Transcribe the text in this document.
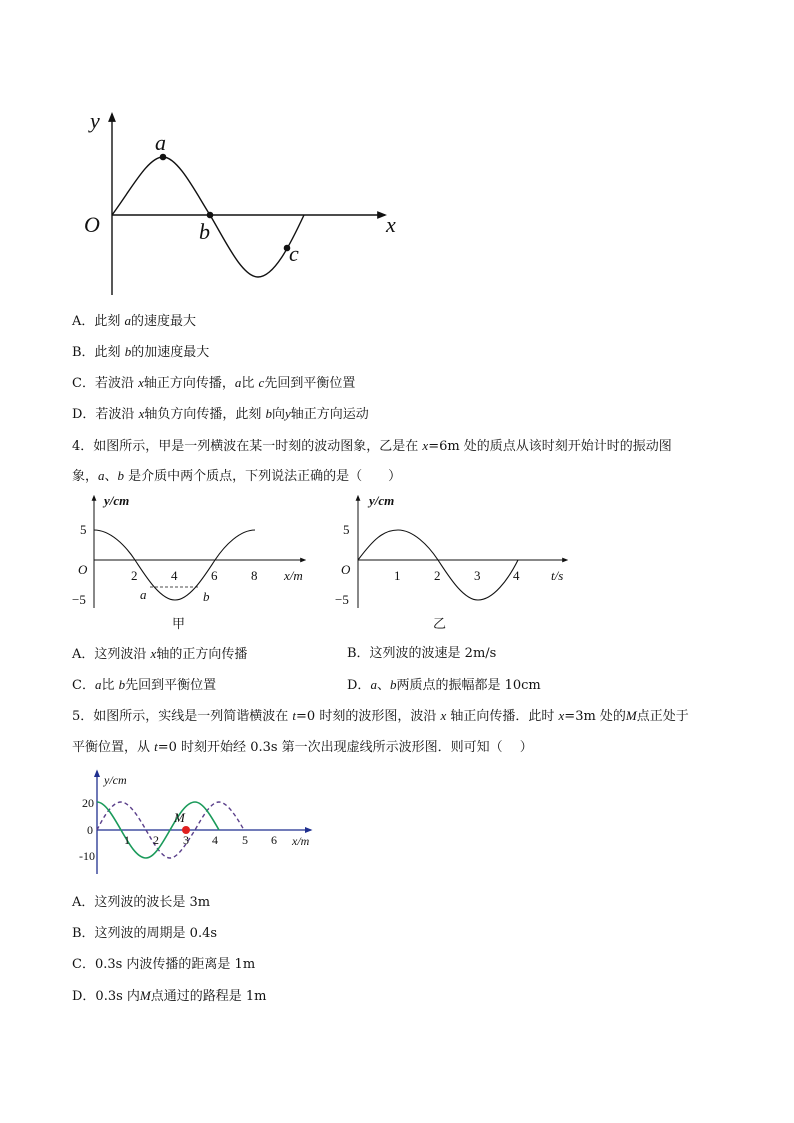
y
x
O
a
b
c
A．此刻 a的速度最大
B．此刻 b的加速度最大
C．若波沿 x轴正方向传播，a比 c先回到平衡位置
D．若波沿 x轴负方向传播，此刻 b向y轴正方向运动
4．如图所示，甲是一列横波在某一时刻的波动图象，乙是在 x=6m 处的质点从该时刻开始计时的振动图
象，a、b 是介质中两个质点，下列说法正确的是（　　）
y/cm
5
O
−5
2	4	6	8 x/m
a	b
甲
y/cm
5
O
−5
1	2	3	4 t/s
乙
A．这列波沿 x轴的正方向传播	B．这列波的波速是 2m/s
C．a比 b先回到平衡位置	D．a、b两质点的振幅都是 10cm
5．如图所示，实线是一列简谐横波在 t=0 时刻的波形图，波沿 x 轴正向传播．此时 x=3m 处的M点正处于
平衡位置，从 t=0 时刻开始经 0.3s 第一次出现虚线所示波形图．则可知（　 ）
M
y/cm
20
0
-10
1 2 3 4 5 6 x/m
A．这列波的波长是 3m
B．这列波的周期是 0.4s
C．0.3s 内波传播的距离是 1m
D．0.3s 内M点通过的路程是 1m
